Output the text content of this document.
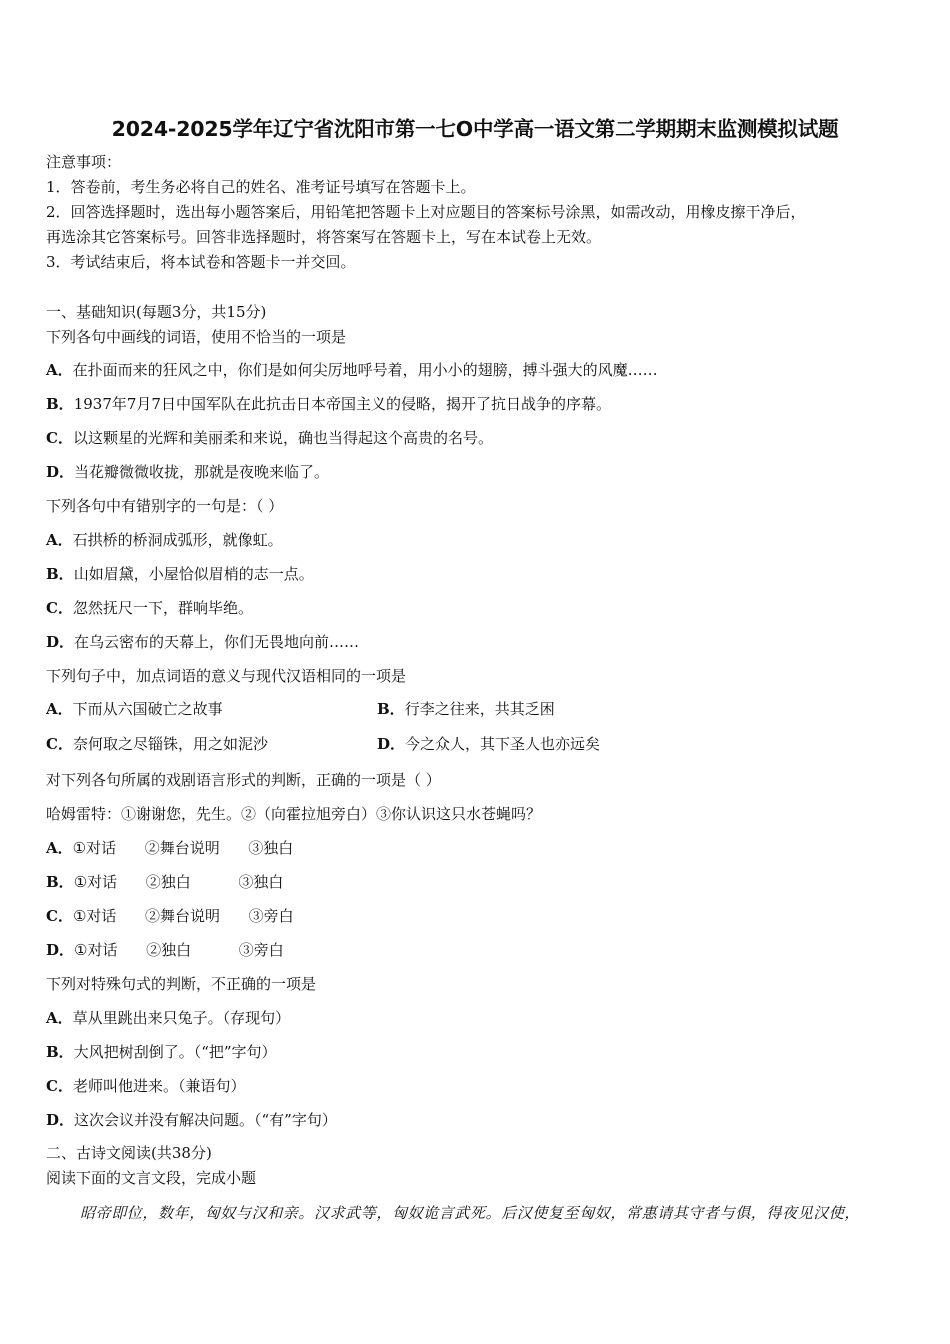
2024-2025学年辽宁省沈阳市第一七O中学高一语文第二学期期末监测模拟试题
注意事项：
1．答卷前，考生务必将自己的姓名、准考证号填写在答题卡上。
2．回答选择题时，选出每小题答案后，用铅笔把答题卡上对应题目的答案标号涂黑，如需改动，用橡皮擦干净后，
再选涂其它答案标号。回答非选择题时，将答案写在答题卡上，写在本试卷上无效。
3．考试结束后，将本试卷和答题卡一并交回。
一、基础知识(每题3分，共15分)
下列各句中画线的词语，使用不恰当的一项是
A．在扑面而来的狂风之中，你们是如何尖厉地呼号着，用小小的翅膀，搏斗强大的风魔……
B．1937年7月7日中国军队在此抗击日本帝国主义的侵略，揭开了抗日战争的序幕。
C．以这颗星的光辉和美丽柔和来说，确也当得起这个高贵的名号。
D．当花瓣微微收拢，那就是夜晚来临了。
下列各句中有错别字的一句是：（ ）
A．石拱桥的桥洞成弧形，就像虹。
B．山如眉黛，小屋恰似眉梢的志一点。
C．忽然抚尺一下，群响毕绝。
D．在乌云密布的天幕上，你们无畏地向前……
下列句子中，加点词语的意义与现代汉语相同的一项是
A．下而从六国破亡之故事	B．行李之往来，共其乏困
C．奈何取之尽锱铢，用之如泥沙	D．今之众人，其下圣人也亦远矣
对下列各句所属的戏剧语言形式的判断，正确的一项是（ ）
哈姆雷特：①谢谢您，先生。②（向霍拉旭旁白）③你认识这只水苍蝇吗？
A．①对话      ②舞台说明      ③独白
B．①对话      ②独白          ③独白
C．①对话      ②舞台说明      ③旁白
D．①对话      ②独白          ③旁白
下列对特殊句式的判断，不正确的一项是
A．草从里跳出来只兔子。（存现句）
B．大风把树刮倒了。（“把”字句）
C．老师叫他进来。（兼语句）
D．这次会议并没有解决问题。（“有”字句）
二、古诗文阅读(共38分)
阅读下面的文言文段，完成小题
昭帝即位，数年，匈奴与汉和亲。汉求武等，匈奴诡言武死。后汉使复至匈奴，常惠请其守者与俱，得夜见汉使，
